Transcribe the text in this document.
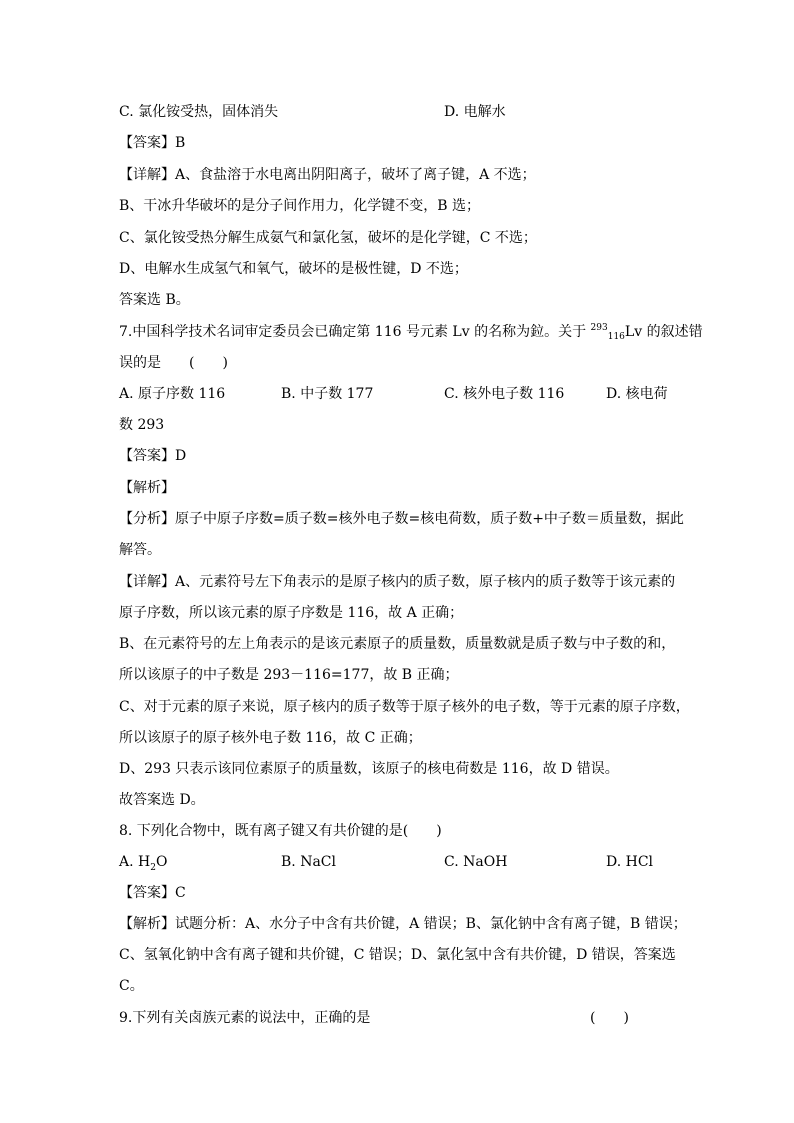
C. 氯化铵受热，固体消失	D. 电解水
【答案】B
【详解】A、食盐溶于水电离出阴阳离子，破坏了离子键，A 不选；
B、干冰升华破坏的是分子间作用力，化学键不变，B 选；
C、氯化铵受热分解生成氨气和氯化氢，破坏的是化学键，C 不选；
D、电解水生成氢气和氧气，破坏的是极性键，D 不选；
答案选 B。
7.中国科学技术名词审定委员会已确定第 116 号元素 Lv 的名称为鉝。关于 $^{293}_{116}$Lv 的叙述错
误的是 (　　)
A. 原子序数 116	B. 中子数 177	C. 核外电子数 116	D. 核电荷
数 293
【答案】D
【解析】
【分析】原子中原子序数=质子数=核外电子数=核电荷数，质子数+中子数＝质量数，据此
解答。
【详解】A、元素符号左下角表示的是原子核内的质子数，原子核内的质子数等于该元素的
原子序数，所以该元素的原子序数是 116，故 A 正确；
B、在元素符号的左上角表示的是该元素原子的质量数，质量数就是质子数与中子数的和，
所以该原子的中子数是 293－116=177，故 B 正确；
C、对于元素的原子来说，原子核内的质子数等于原子核外的电子数，等于元素的原子序数，
所以该原子的原子核外电子数 116，故 C 正确；
D、293 只表示该同位素原子的质量数，该原子的核电荷数是 116，故 D 错误。
故答案选 D。
8. 下列化合物中，既有离子键又有共价键的是(　　)
A. $H_2O$	B. NaCl	C. NaOH	D. HCl
【答案】C
【解析】试题分析：A、水分子中含有共价键，A 错误；B、氯化钠中含有离子键，B 错误；
C、氢氧化钠中含有离子键和共价键，C 错误；D、氯化氢中含有共价键，D 错误，答案选
C。
9.下列有关卤族元素的说法中，正确的是	(　　)
